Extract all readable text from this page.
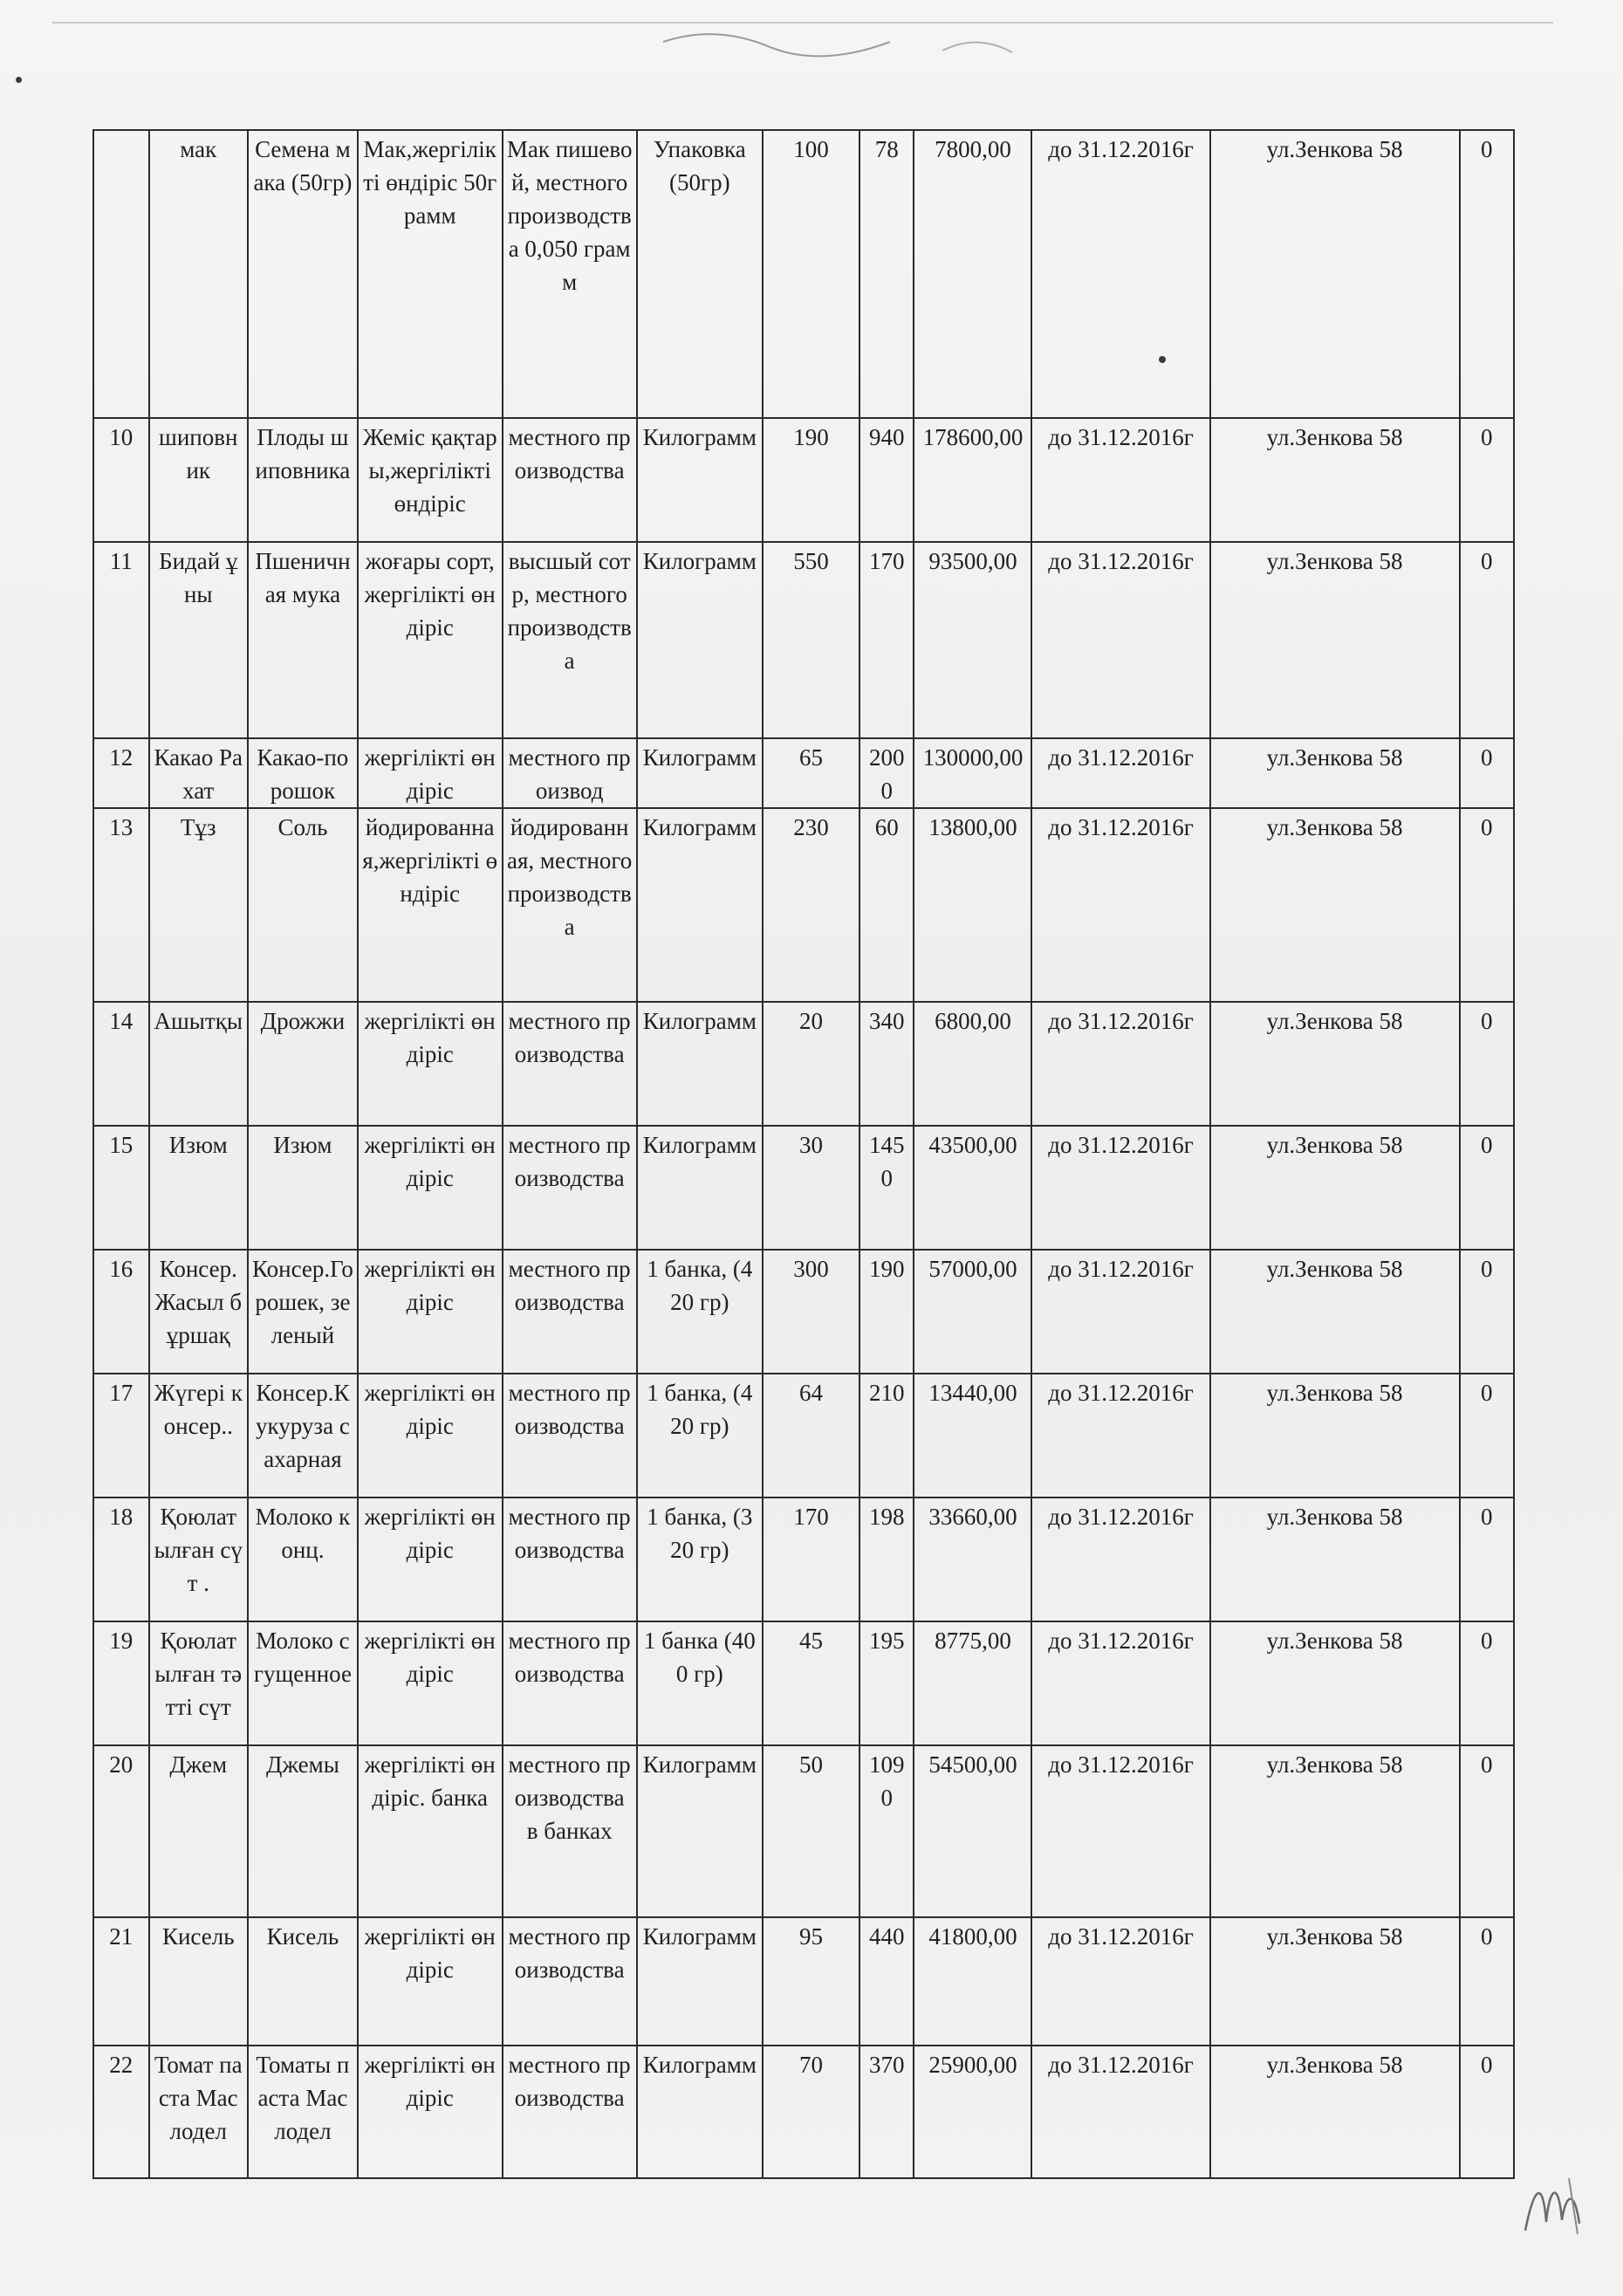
	мак	Семена мака (50гр)	Мак,жергілікті өндіріс 50грамм	Мак пишевой, местного производства 0,050 грамм	Упаковка (50гр)	100	78	7800,00	до 31.12.2016г	ул.Зенкова 58	0
10	шиповник	Плоды шиповника	Жеміс қақтары,жергілікті өндіріс	местного производства	Килограмм	190	940	178600,00	до 31.12.2016г	ул.Зенкова 58	0
11	Бидай ұны	Пшеничная мука	жоғары сорт, жергілікті өндіріс	высшый сотр, местного производства	Килограмм	550	170	93500,00	до 31.12.2016г	ул.Зенкова 58	0
12	Какао Рахат	Какао-порошок	жергілікті өндіріс	местного производ	Килограмм	65	2000	130000,00	до 31.12.2016г	ул.Зенкова 58	0
13	Тұз	Соль	йодированная,жергілікті өндіріс	йодированная, местного производства	Килограмм	230	60	13800,00	до 31.12.2016г	ул.Зенкова 58	0
14	Ашытқы	Дрожжи	жергілікті өндіріс	местного производства	Килограмм	20	340	6800,00	до 31.12.2016г	ул.Зенкова 58	0
15	Изюм	Изюм	жергілікті өндіріс	местного производства	Килограмм	30	1450	43500,00	до 31.12.2016г	ул.Зенкова 58	0
16	Консер. Жасыл бұршақ	Консер.Горошек, зеленый	жергілікті өндіріс	местного производства	1 банка, (420 гр)	300	190	57000,00	до 31.12.2016г	ул.Зенкова 58	0
17	Жүгері консер..	Консер.Кукуруза сахарная	жергілікті өндіріс	местного производства	1 банка, (420 гр)	64	210	13440,00	до 31.12.2016г	ул.Зенкова 58	0
18	Қоюлатылған сүт .	Молоко конц.	жергілікті өндіріс	местного производства	1 банка, (320 гр)	170	198	33660,00	до 31.12.2016г	ул.Зенкова 58	0
19	Қоюлатылған тәтті сүт	Молоко сгущенное	жергілікті өндіріс	местного производства	1 банка (400 гр)	45	195	8775,00	до 31.12.2016г	ул.Зенкова 58	0
20	Джем	Джемы	жергілікті өндіріс. банка	местного производства в банках	Килограмм	50	1090	54500,00	до 31.12.2016г	ул.Зенкова 58	0
21	Кисель	Кисель	жергілікті өндіріс	местного производства	Килограмм	95	440	41800,00	до 31.12.2016г	ул.Зенкова 58	0
22	Томат паста Маслодел	Томаты паста Маслодел	жергілікті өндіріс	местного производства	Килограмм	70	370	25900,00	до 31.12.2016г	ул.Зенкова 58	0
